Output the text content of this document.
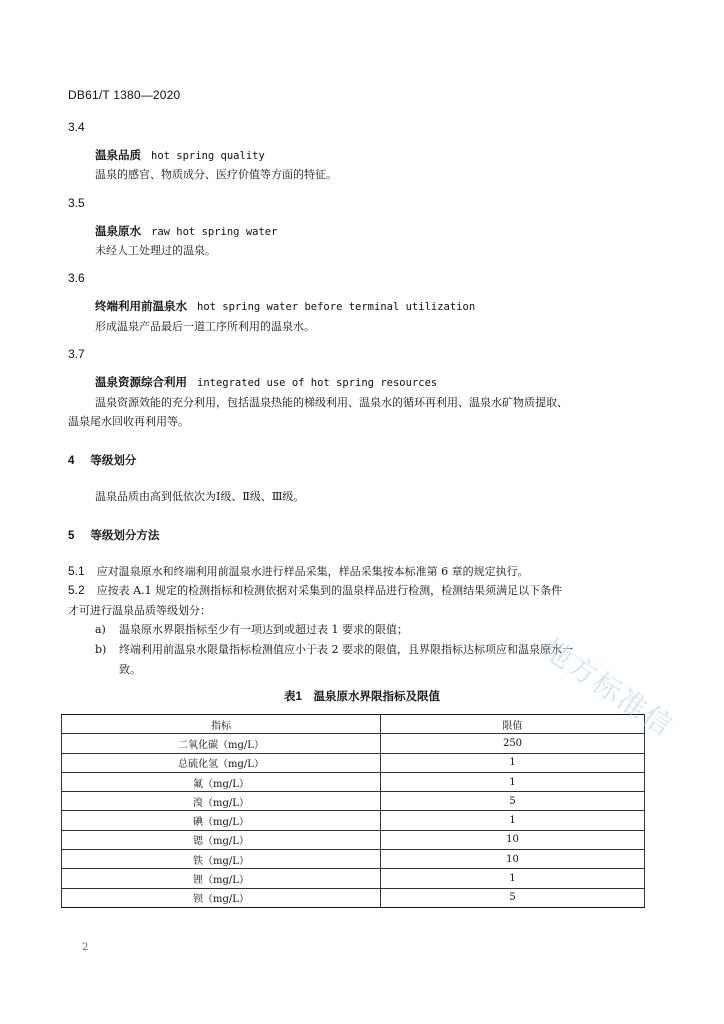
DB61/T 1380—2020
3.4
温泉品质 hot spring quality
温泉的感官、物质成分、医疗价值等方面的特征。
3.5
温泉原水 raw hot spring water
未经人工处理过的温泉。
3.6
终端利用前温泉水 hot spring water before terminal utilization
形成温泉产品最后一道工序所利用的温泉水。
3.7
温泉资源综合利用 integrated use of hot spring resources
温泉资源效能的充分利用，包括温泉热能的梯级利用、温泉水的循环再利用、温泉水矿物质提取、
温泉尾水回收再利用等。
4 等级划分
温泉品质由高到低依次为Ⅰ级、Ⅱ级、Ⅲ级。
5 等级划分方法
5.1 应对温泉原水和终端利用前温泉水进行样品采集，样品采集按本标准第 6 章的规定执行。
5.2 应按表 A.1 规定的检测指标和检测依据对采集到的温泉样品进行检测，检测结果须满足以下条件
才可进行温泉品质等级划分：
a) 温泉原水界限指标至少有一项达到或超过表 1 要求的限值；
b) 终端利用前温泉水限量指标检测值应小于表 2 要求的限值，且界限指标达标项应和温泉原水一
致。
表1　温泉原水界限指标及限值
指标	限值
二氧化碳（mg/L）	250
总硫化氢（mg/L）	1
氟（mg/L）	1
溴（mg/L）	5
碘（mg/L）	1
锶（mg/L）	10
铁（mg/L）	10
锂（mg/L）	1
钡（mg/L）	5
地方标准信
2
